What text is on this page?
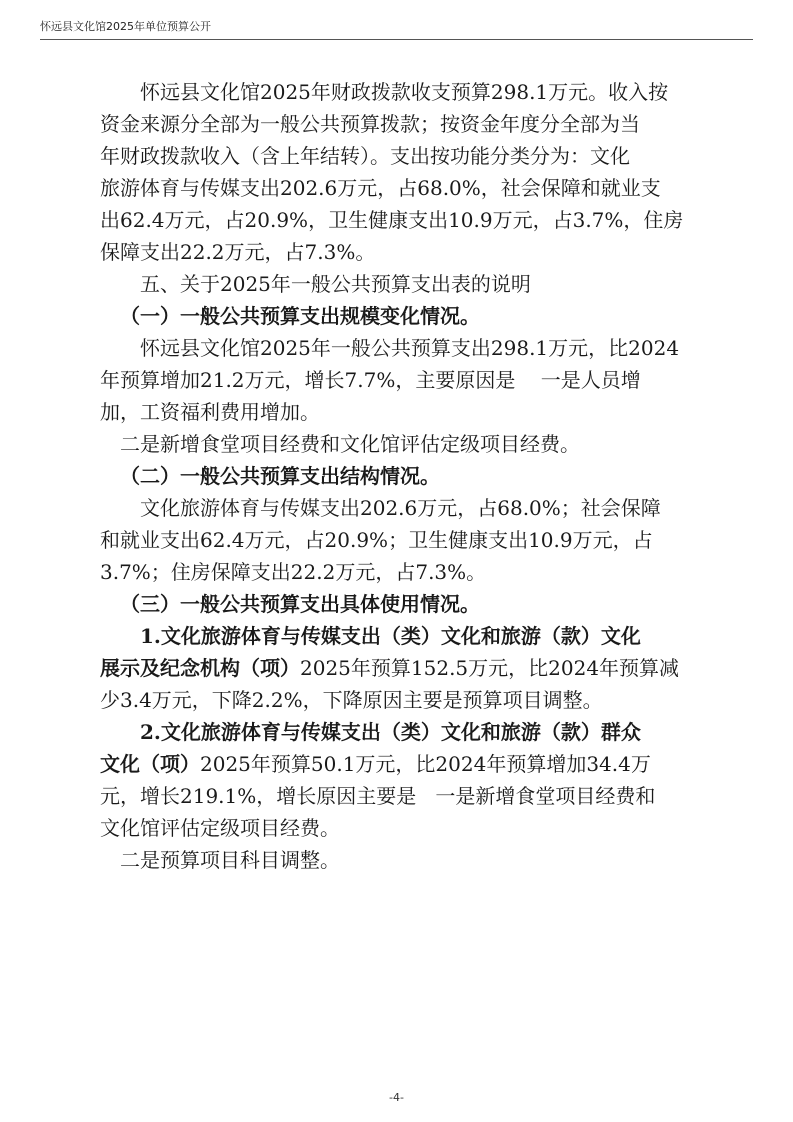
怀远县文化馆2025年单位预算公开

怀远县文化馆2025年财政拨款收支预算298.1万元。收入按

资金来源分全部为一般公共预算拨款；按资金年度分全部为当

年财政拨款收入（含上年结转）。支出按功能分类分为：文化

旅游体育与传媒支出202.6万元，占68.0%，社会保障和就业支

出62.4万元，占20.9%，卫生健康支出10.9万元，占3.7%，住房

保障支出22.2万元，占7.3%。

五、关于2025年一般公共预算支出表的说明

（一）一般公共预算支出规模变化情况。

怀远县文化馆2025年一般公共预算支出298.1万元，比2024

年预算增加21.2万元，增长7.7%，主要原因是    一是人员增

加，工资福利费用增加。

二是新增食堂项目经费和文化馆评估定级项目经费。

（二）一般公共预算支出结构情况。

文化旅游体育与传媒支出202.6万元，占68.0%；社会保障

和就业支出62.4万元，占20.9%；卫生健康支出10.9万元，占

3.7%；住房保障支出22.2万元，占7.3%。

（三）一般公共预算支出具体使用情况。

1.文化旅游体育与传媒支出（类）文化和旅游（款）文化

展示及纪念机构（项）2025年预算152.5万元，比2024年预算减

少3.4万元，下降2.2%，下降原因主要是预算项目调整。

2.文化旅游体育与传媒支出（类）文化和旅游（款）群众

文化（项）2025年预算50.1万元，比2024年预算增加34.4万

元，增长219.1%，增长原因主要是   一是新增食堂项目经费和

文化馆评估定级项目经费。

二是预算项目科目调整。

-4-
